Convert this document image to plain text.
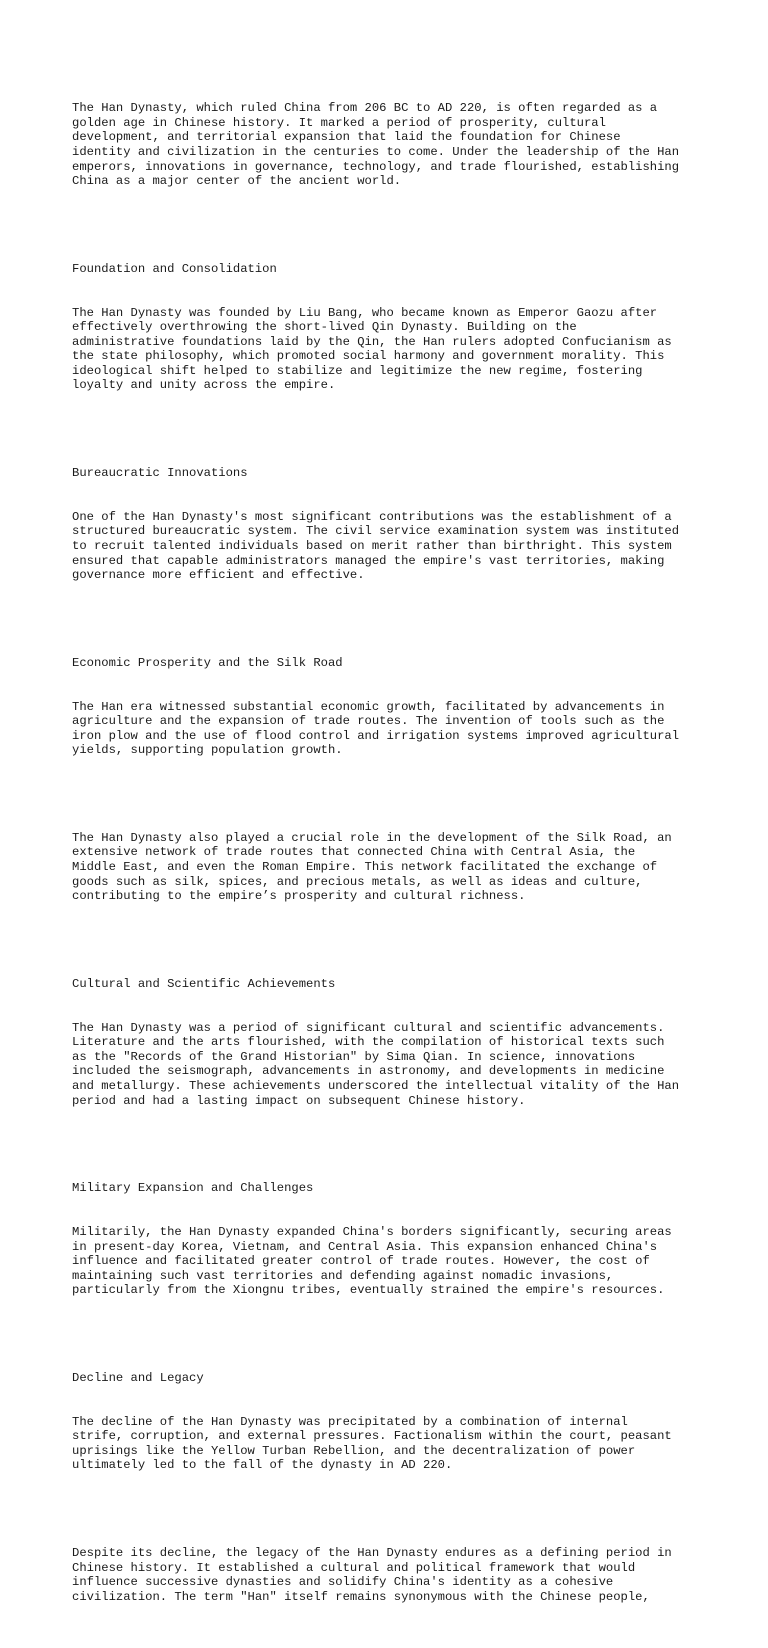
The Han Dynasty, which ruled China from 206 BC to AD 220, is often regarded as a
golden age in Chinese history. It marked a period of prosperity, cultural
development, and territorial expansion that laid the foundation for Chinese
identity and civilization in the centuries to come. Under the leadership of the Han
emperors, innovations in governance, technology, and trade flourished, establishing
China as a major center of the ancient world.

Foundation and Consolidation

The Han Dynasty was founded by Liu Bang, who became known as Emperor Gaozu after
effectively overthrowing the short-lived Qin Dynasty. Building on the
administrative foundations laid by the Qin, the Han rulers adopted Confucianism as
the state philosophy, which promoted social harmony and government morality. This
ideological shift helped to stabilize and legitimize the new regime, fostering
loyalty and unity across the empire.

Bureaucratic Innovations

One of the Han Dynasty's most significant contributions was the establishment of a
structured bureaucratic system. The civil service examination system was instituted
to recruit talented individuals based on merit rather than birthright. This system
ensured that capable administrators managed the empire's vast territories, making
governance more efficient and effective.

Economic Prosperity and the Silk Road

The Han era witnessed substantial economic growth, facilitated by advancements in
agriculture and the expansion of trade routes. The invention of tools such as the
iron plow and the use of flood control and irrigation systems improved agricultural
yields, supporting population growth.

The Han Dynasty also played a crucial role in the development of the Silk Road, an
extensive network of trade routes that connected China with Central Asia, the
Middle East, and even the Roman Empire. This network facilitated the exchange of
goods such as silk, spices, and precious metals, as well as ideas and culture,
contributing to the empire’s prosperity and cultural richness.

Cultural and Scientific Achievements

The Han Dynasty was a period of significant cultural and scientific advancements.
Literature and the arts flourished, with the compilation of historical texts such
as the "Records of the Grand Historian" by Sima Qian. In science, innovations
included the seismograph, advancements in astronomy, and developments in medicine
and metallurgy. These achievements underscored the intellectual vitality of the Han
period and had a lasting impact on subsequent Chinese history.

Military Expansion and Challenges

Militarily, the Han Dynasty expanded China's borders significantly, securing areas
in present-day Korea, Vietnam, and Central Asia. This expansion enhanced China's
influence and facilitated greater control of trade routes. However, the cost of
maintaining such vast territories and defending against nomadic invasions,
particularly from the Xiongnu tribes, eventually strained the empire's resources.

Decline and Legacy

The decline of the Han Dynasty was precipitated by a combination of internal
strife, corruption, and external pressures. Factionalism within the court, peasant
uprisings like the Yellow Turban Rebellion, and the decentralization of power
ultimately led to the fall of the dynasty in AD 220.

Despite its decline, the legacy of the Han Dynasty endures as a defining period in
Chinese history. It established a cultural and political framework that would
influence successive dynasties and solidify China's identity as a cohesive
civilization. The term "Han" itself remains synonymous with the Chinese people,
